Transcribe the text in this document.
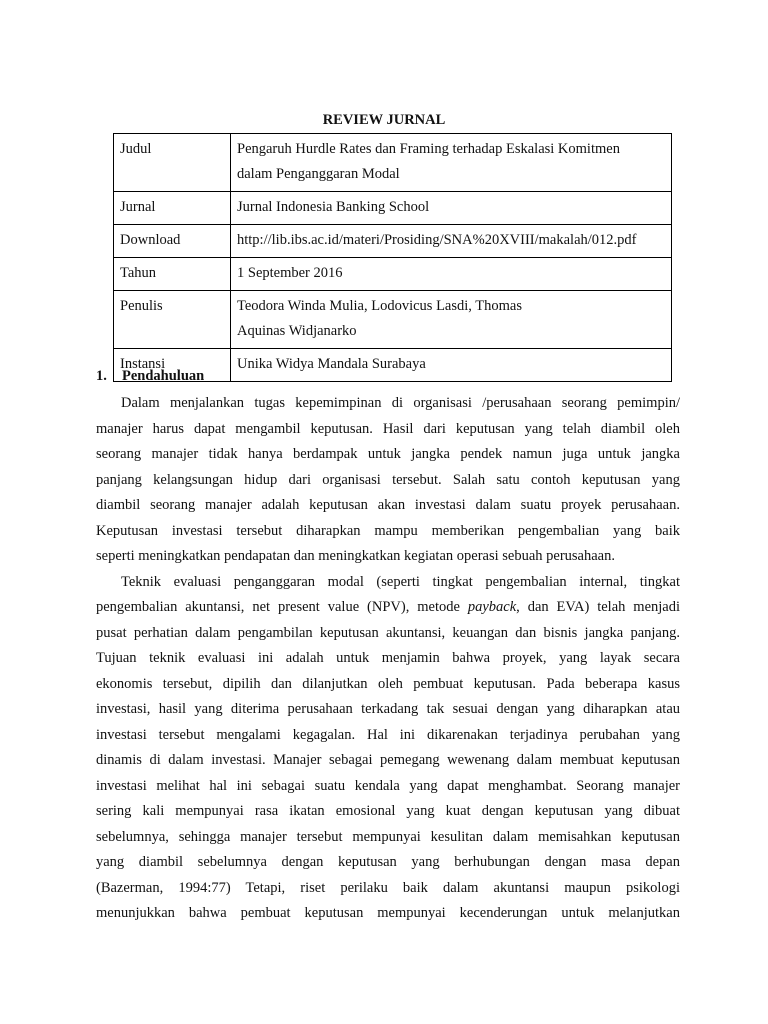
REVIEW JURNAL
Judul	Pengaruh Hurdle Rates dan Framing terhadap Eskalasi Komitmen
dalam Penganggaran Modal

Jurnal	Jurnal Indonesia Banking School

Download	http://lib.ibs.ac.id/materi/Prosiding/SNA%20XVIII/makalah/012.pdf

Tahun	1 September 2016

Penulis	Teodora Winda Mulia, Lodovicus Lasdi, Thomas
Aquinas Widjanarko

Instansi	Unika Widya Mandala Surabaya
1. Pendahuluan
Dalam menjalankan tugas kepemimpinan di organisasi /perusahaan seorang pemimpin/
manajer harus dapat mengambil keputusan. Hasil dari keputusan yang telah diambil oleh
seorang manajer tidak hanya berdampak untuk jangka pendek namun juga untuk jangka
panjang kelangsungan hidup dari organisasi tersebut. Salah satu contoh keputusan yang
diambil seorang manajer adalah keputusan akan investasi dalam suatu proyek perusahaan.
Keputusan investasi tersebut diharapkan mampu memberikan pengembalian yang baik
seperti meningkatkan pendapatan dan meningkatkan kegiatan operasi sebuah perusahaan.
Teknik evaluasi penganggaran modal (seperti tingkat pengembalian internal, tingkat
pengembalian akuntansi, net present value (NPV), metode payback, dan EVA) telah menjadi
pusat perhatian dalam pengambilan keputusan akuntansi, keuangan dan bisnis jangka panjang.
Tujuan teknik evaluasi ini adalah untuk menjamin bahwa proyek, yang layak secara
ekonomis tersebut, dipilih dan dilanjutkan oleh pembuat keputusan. Pada beberapa kasus
investasi, hasil yang diterima perusahaan terkadang tak sesuai dengan yang diharapkan atau
investasi tersebut mengalami kegagalan. Hal ini dikarenakan terjadinya perubahan yang
dinamis di dalam investasi. Manajer sebagai pemegang wewenang dalam membuat keputusan
investasi melihat hal ini sebagai suatu kendala yang dapat menghambat. Seorang manajer
sering kali mempunyai rasa ikatan emosional yang kuat dengan keputusan yang dibuat
sebelumnya, sehingga manajer tersebut mempunyai kesulitan dalam memisahkan keputusan
yang diambil sebelumnya dengan keputusan yang berhubungan dengan masa depan
(Bazerman, 1994:77) Tetapi, riset perilaku baik dalam akuntansi maupun psikologi
menunjukkan bahwa pembuat keputusan mempunyai kecenderungan untuk melanjutkan
